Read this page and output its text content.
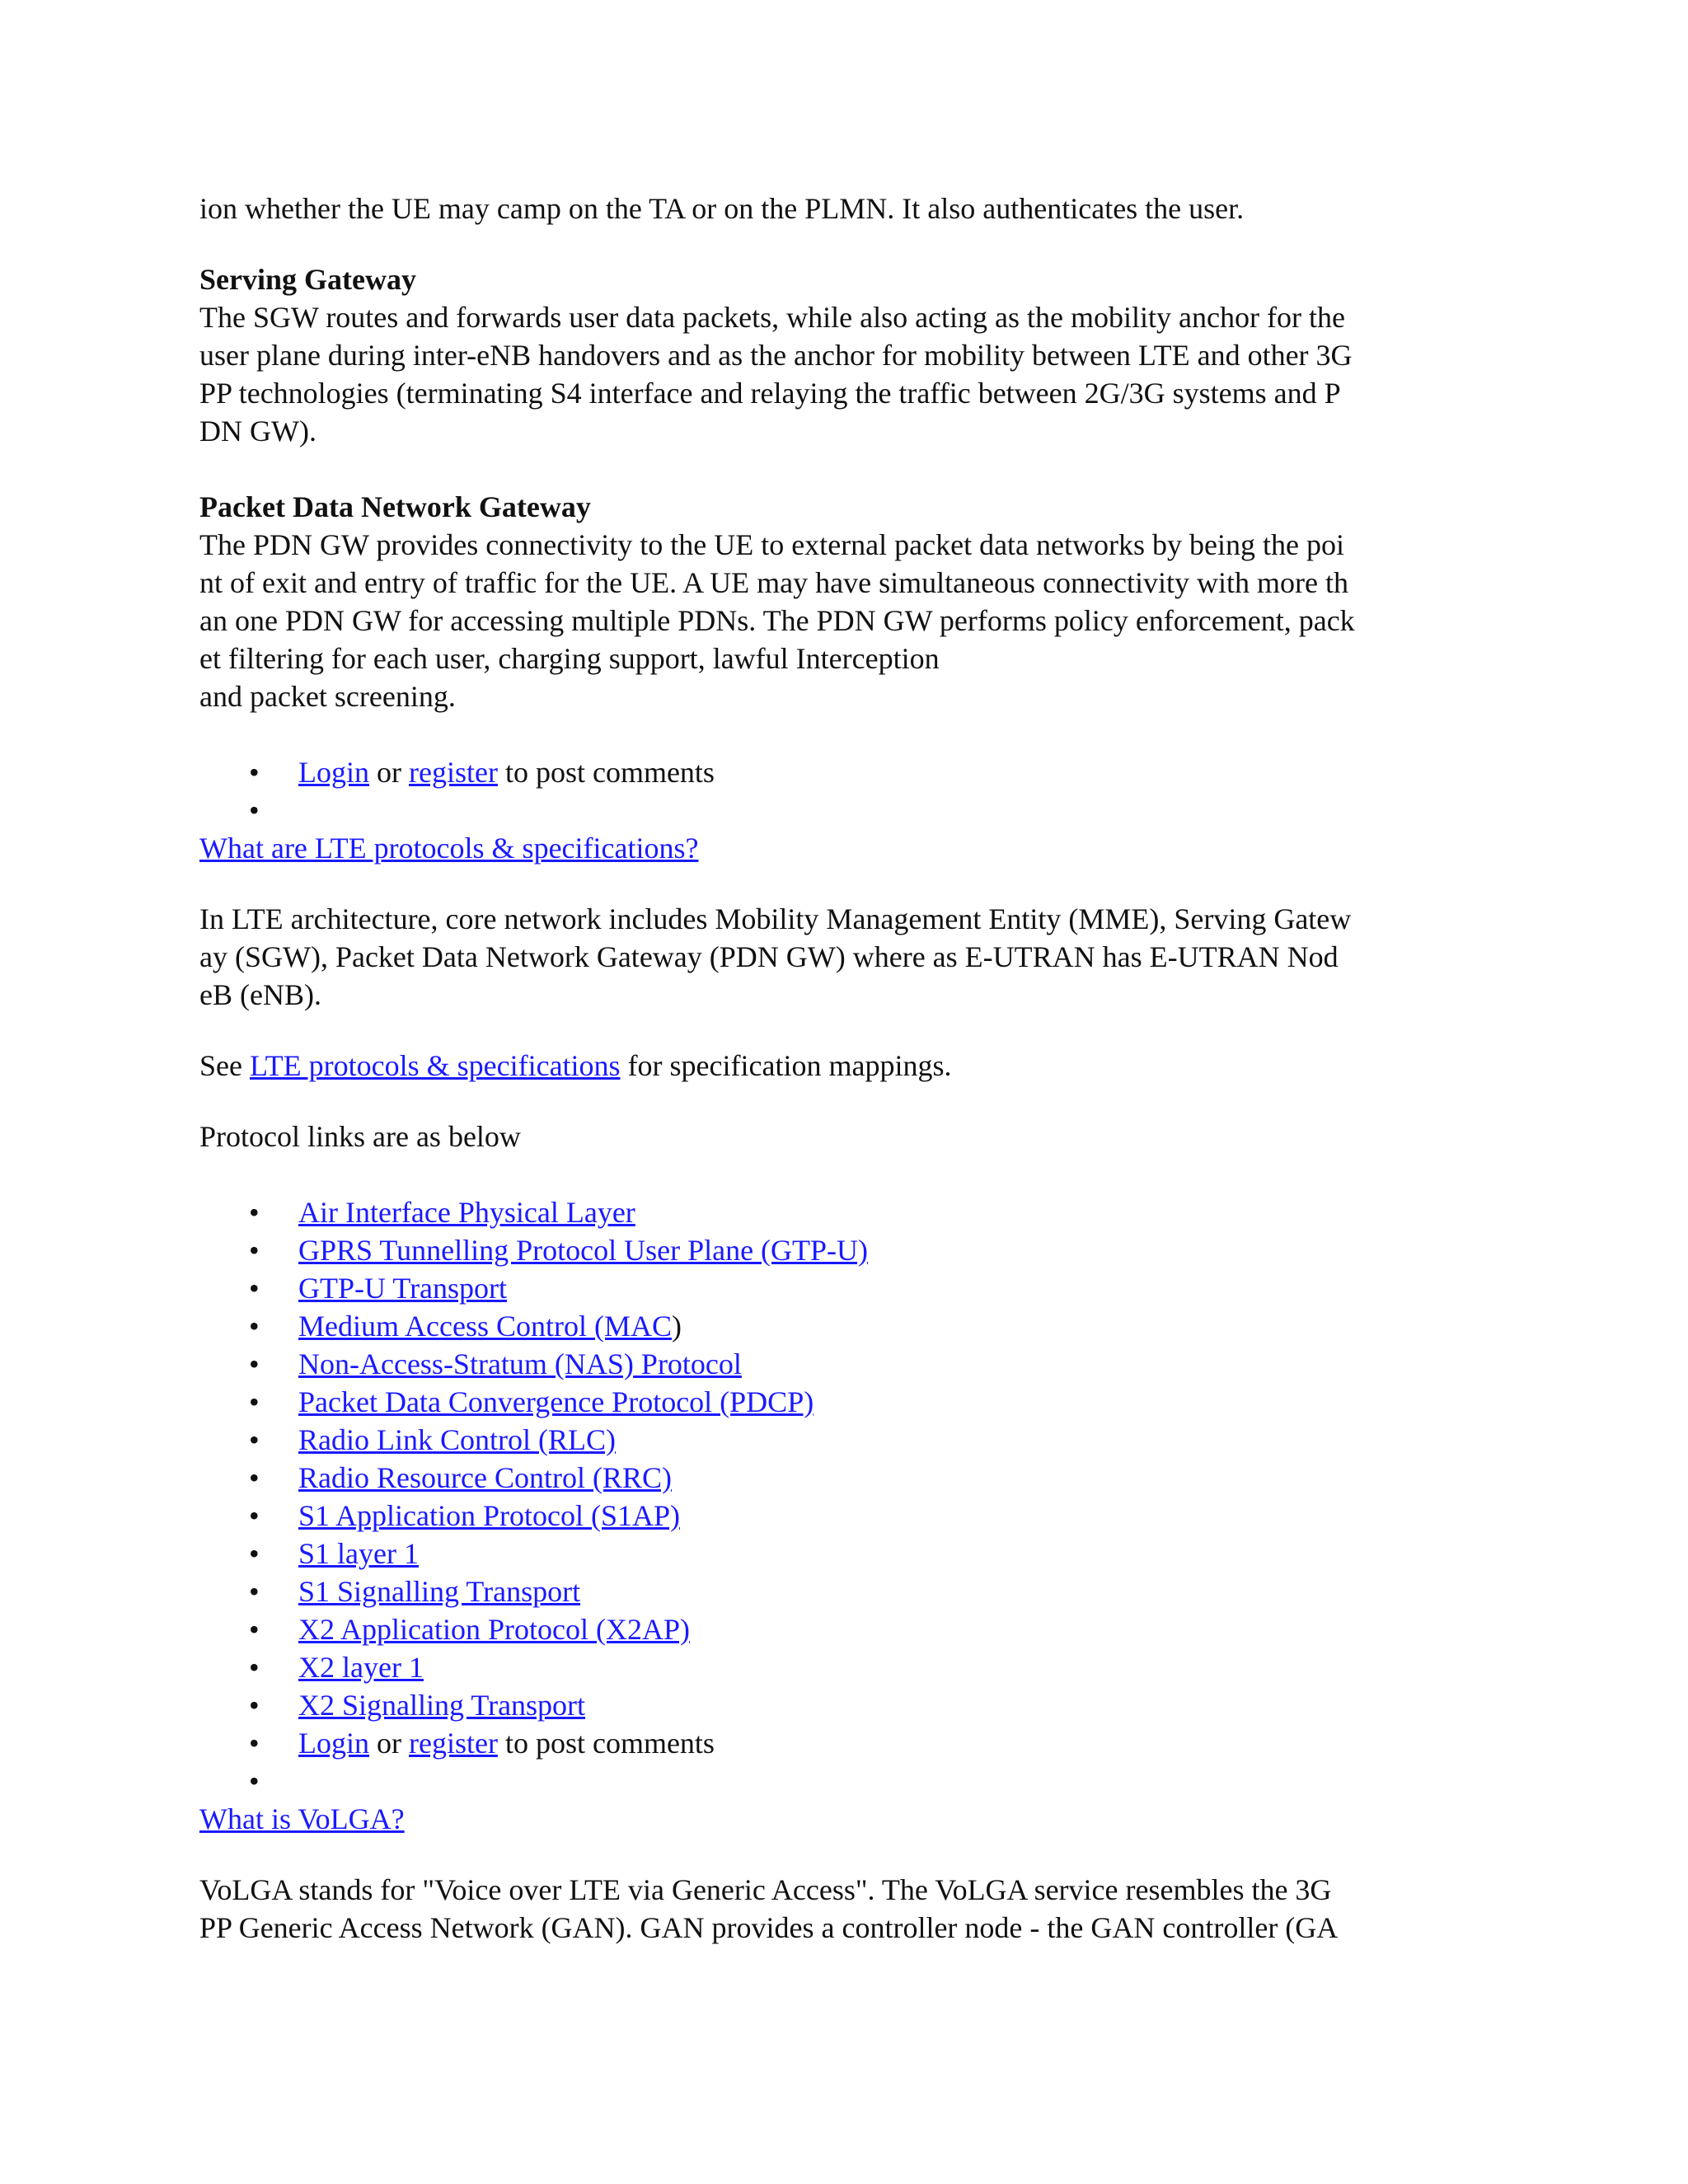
ion whether the UE may camp on the TA or on the PLMN. It also authenticates the user.

Serving Gateway
The SGW routes and forwards user data packets, while also acting as the mobility anchor for the
user plane during inter-eNB handovers and as the anchor for mobility between LTE and other 3G
PP technologies (terminating S4 interface and relaying the traffic between 2G/3G systems and P
DN GW).
Packet Data Network Gateway
The PDN GW provides connectivity to the UE to external packet data networks by being the poi
nt of exit and entry of traffic for the UE. A UE may have simultaneous connectivity with more th
an one PDN GW for accessing multiple PDNs. The PDN GW performs policy enforcement, pack
et filtering for each user, charging support, lawful Interception
and packet screening.
• Login or register to post comments
•
What are LTE protocols & specifications?

In LTE architecture, core network includes Mobility Management Entity (MME), Serving Gatew
ay (SGW), Packet Data Network Gateway (PDN GW) where as E-UTRAN has E-UTRAN Nod
eB (eNB).

See LTE protocols & specifications for specification mappings.

Protocol links are as below

• Air Interface Physical Layer
• GPRS Tunnelling Protocol User Plane (GTP-U)
• GTP-U Transport
• Medium Access Control (MAC)
• Non-Access-Stratum (NAS) Protocol
• Packet Data Convergence Protocol (PDCP)
• Radio Link Control (RLC)
• Radio Resource Control (RRC)
• S1 Application Protocol (S1AP)
• S1 layer 1
• S1 Signalling Transport
• X2 Application Protocol (X2AP)
• X2 layer 1
• X2 Signalling Transport
• Login or register to post comments
•
What is VoLGA?

VoLGA stands for "Voice over LTE via Generic Access". The VoLGA service resembles the 3G
PP Generic Access Network (GAN). GAN provides a controller node - the GAN controller (GA
